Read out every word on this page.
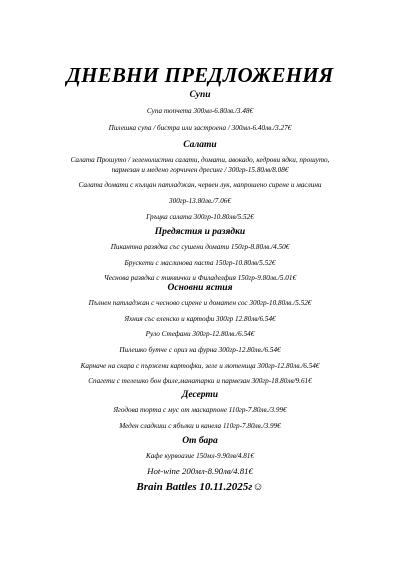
ДНЕВНИ ПРЕДЛОЖЕНИЯ
Супи
Супа топчета 300мл-6.80лв./3.48€
Пилешка супа / бистра или застроена / 300мл-6.40лв./3.27€
Салати
Салата Прошуто / зеленолистни салати, домати, авокадо, кедрови ядки, прошуто,
пармезан и медено горчичен дресинг / 300гр-15.80лв/8.08€
Салата домати с кълцан патладжан, червен лук, напрошено сирене и маслини
300гр-13.80лв./7.06€
Гръцка салата 300гр-10.80лв/5.52€
Предястия и разядки
Пикантна разядка със сушени домати 150гр-8.80лв./4.50€
Брускети с маслинова паста 150гр-10.80лв/5.52€
Чеснова разядка с тиквички и Филаделфия 150гр-9.80лв./5.01€
Основни ястия
Пълнен патладжан с чесново сирене и доматен сос 300гр-10.80лв./5.52€
Яхния със еленско и картофи 300гр 12.80лв/6.54€
Руло Стефани 300гр-12.80лв./6.54€
Пилешко бутче с ориз на фурна 300гр-12.80лв./6.54€
Карначе на скара с пържени картофки, зеле и лютеница 300гр-12.80лв./6.54€
Спагети с телешко бон филе,манатарки и пармезан 300гр-18.80лв/9.61€
Десерти
Ягодова торта с мус от маскарпоне 110гр-7.80лв./3.99€
Меден сладкиш с ябълки и канела 110гр-7.80лв./3.99€
От бара
Кафе курвоазие 150мл-9.90лв/4.81€
Hot-wine 200мл-8.90лв/4.81€
Brain Battles 10.11.2025г☺
